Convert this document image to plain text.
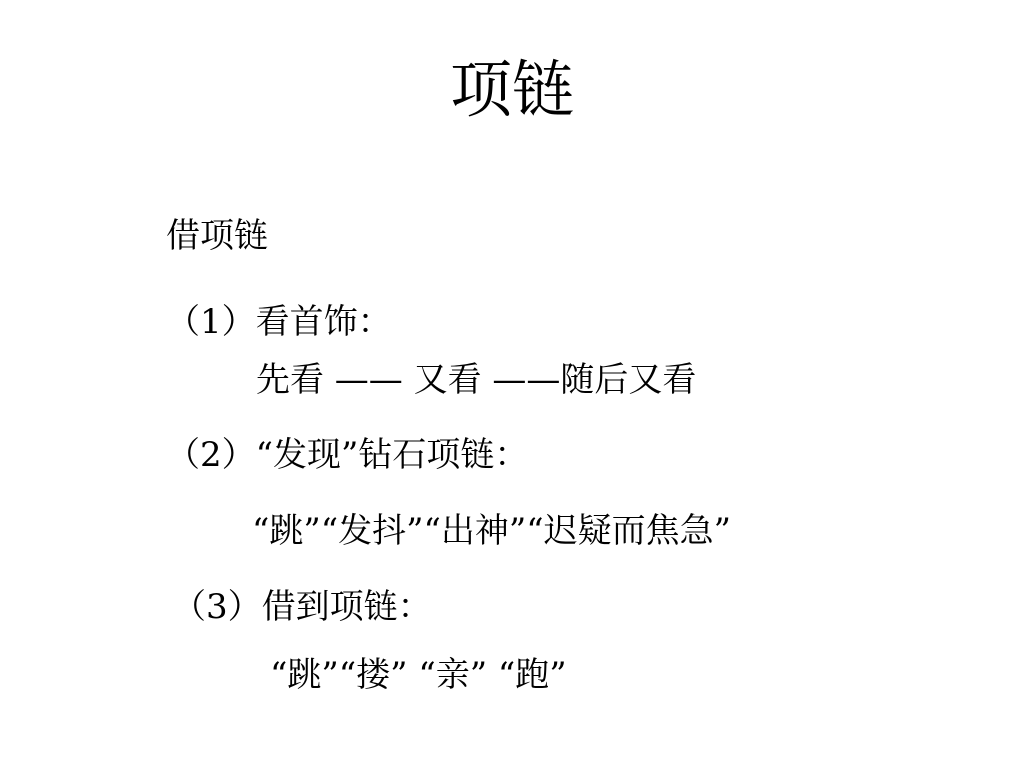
项链
借项链
（1）看首饰：
先看 —— 又看 ——随后又看
（2）“发现”钻石项链：
“跳”“发抖”“出神”“迟疑而焦急”
（3）借到项链：
“跳”“搂” “亲” “跑”
